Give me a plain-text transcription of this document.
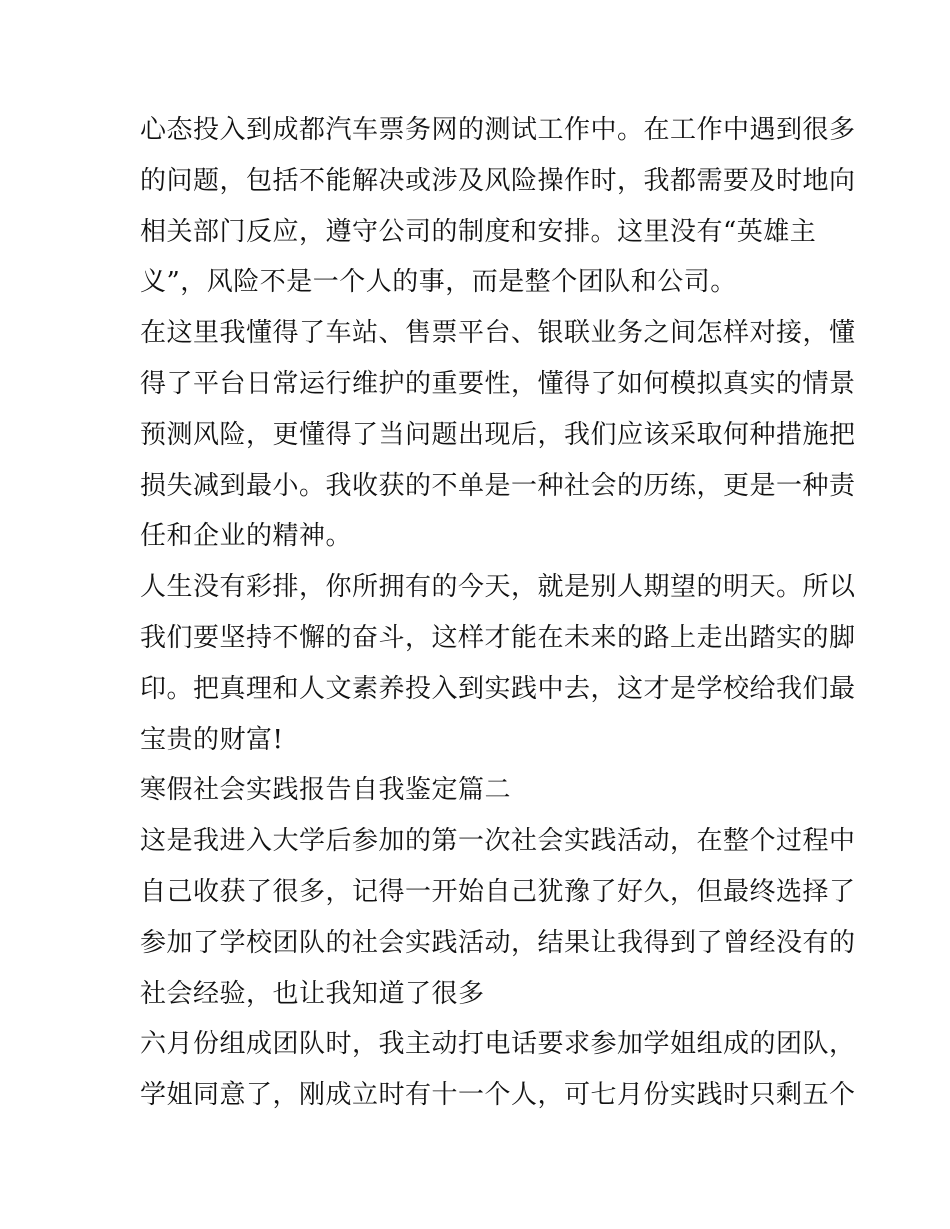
心态投入到成都汽车票务网的测试工作中。在工作中遇到很多
的问题，包括不能解决或涉及风险操作时，我都需要及时地向
相关部门反应，遵守公司的制度和安排。这里没有“英雄主
义”，风险不是一个人的事，而是整个团队和公司。
在这里我懂得了车站、售票平台、银联业务之间怎样对接，懂
得了平台日常运行维护的重要性，懂得了如何模拟真实的情景
预测风险，更懂得了当问题出现后，我们应该采取何种措施把
损失减到最小。我收获的不单是一种社会的历练，更是一种责
任和企业的精神。
人生没有彩排，你所拥有的今天，就是别人期望的明天。所以
我们要坚持不懈的奋斗，这样才能在未来的路上走出踏实的脚
印。把真理和人文素养投入到实践中去，这才是学校给我们最
宝贵的财富!
寒假社会实践报告自我鉴定篇二
这是我进入大学后参加的第一次社会实践活动，在整个过程中
自己收获了很多，记得一开始自己犹豫了好久，但最终选择了
参加了学校团队的社会实践活动，结果让我得到了曾经没有的
社会经验，也让我知道了很多
六月份组成团队时，我主动打电话要求参加学姐组成的团队，
学姐同意了，刚成立时有十一个人，可七月份实践时只剩五个
